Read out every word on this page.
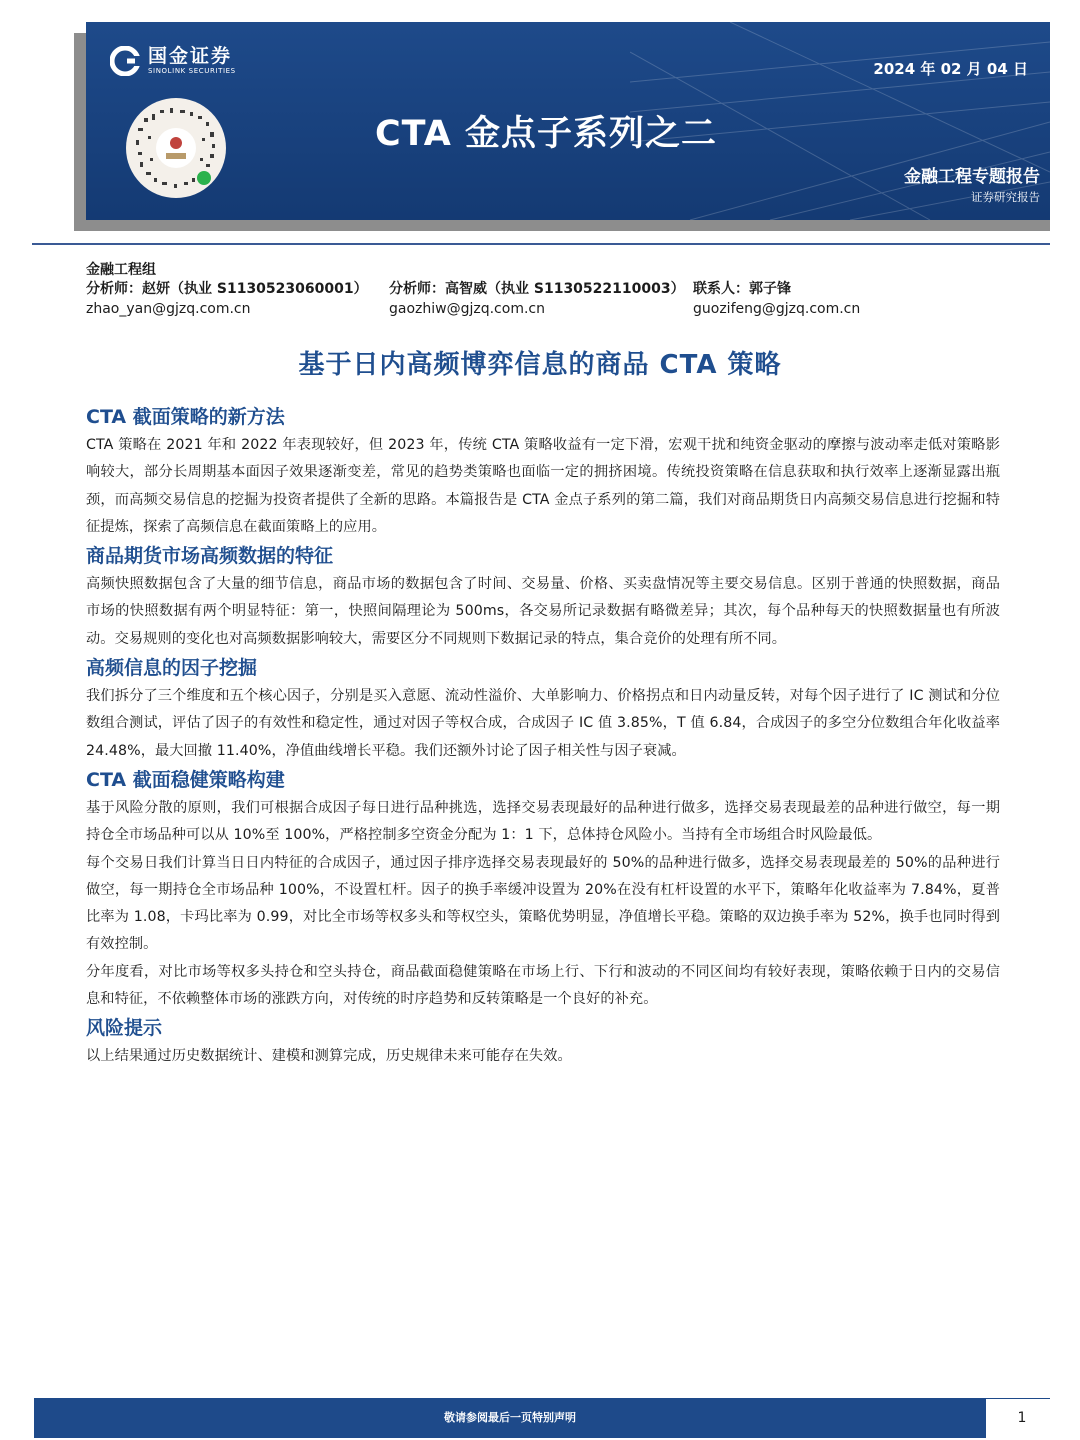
国金证券
SINOLINK SECURITIES	2024 年 02 月 04 日
CTA 金点子系列之二
金融工程专题报告
证券研究报告
金融工程组
分析师：赵妍（执业 S1130523060001）
zhao_yan@gjzq.com.cn
分析师：高智威（执业 S1130522110003）
gaozhiw@gjzq.com.cn
联系人：郭子锋
guozifeng@gjzq.com.cn
基于日内高频博弈信息的商品 CTA 策略
CTA 截面策略的新方法

CTA 策略在 2021 年和 2022 年表现较好，但 2023 年，传统 CTA 策略收益有一定下滑，宏观干扰和纯资金驱动的摩擦与波动率走低对策略影响较大，部分长周期基本面因子效果逐渐变差，常见的趋势类策略也面临一定的拥挤困境。传统投资策略在信息获取和执行效率上逐渐显露出瓶颈，而高频交易信息的挖掘为投资者提供了全新的思路。本篇报告是 CTA 金点子系列的第二篇，我们对商品期货日内高频交易信息进行挖掘和特征提炼，探索了高频信息在截面策略上的应用。

商品期货市场高频数据的特征

高频快照数据包含了大量的细节信息，商品市场的数据包含了时间、交易量、价格、买卖盘情况等主要交易信息。区别于普通的快照数据，商品市场的快照数据有两个明显特征：第一，快照间隔理论为 500ms，各交易所记录数据有略微差异；其次，每个品种每天的快照数据量也有所波动。交易规则的变化也对高频数据影响较大，需要区分不同规则下数据记录的特点，集合竞价的处理有所不同。

高频信息的因子挖掘

我们拆分了三个维度和五个核心因子，分别是买入意愿、流动性溢价、大单影响力、价格拐点和日内动量反转，对每个因子进行了 IC 测试和分位数组合测试，评估了因子的有效性和稳定性，通过对因子等权合成，合成因子 IC 值 3.85%，T 值 6.84，合成因子的多空分位数组合年化收益率 24.48%，最大回撤 11.40%，净值曲线增长平稳。我们还额外讨论了因子相关性与因子衰减。

CTA 截面稳健策略构建

基于风险分散的原则，我们可根据合成因子每日进行品种挑选，选择交易表现最好的品种进行做多，选择交易表现最差的品种进行做空，每一期持仓全市场品种可以从 10%至 100%，严格控制多空资金分配为 1：1 下，总体持仓风险小。当持有全市场组合时风险最低。

每个交易日我们计算当日日内特征的合成因子，通过因子排序选择交易表现最好的 50%的品种进行做多，选择交易表现最差的 50%的品种进行做空，每一期持仓全市场品种 100%，不设置杠杆。因子的换手率缓冲设置为 20%在没有杠杆设置的水平下，策略年化收益率为 7.84%，夏普比率为 1.08，卡玛比率为 0.99，对比全市场等权多头和等权空头，策略优势明显，净值增长平稳。策略的双边换手率为 52%，换手也同时得到有效控制。

分年度看，对比市场等权多头持仓和空头持仓，商品截面稳健策略在市场上行、下行和波动的不同区间均有较好表现，策略依赖于日内的交易信息和特征，不依赖整体市场的涨跌方向，对传统的时序趋势和反转策略是一个良好的补充。

风险提示

以上结果通过历史数据统计、建模和测算完成，历史规律未来可能存在失效。

敬请参阅最后一页特别声明	1
